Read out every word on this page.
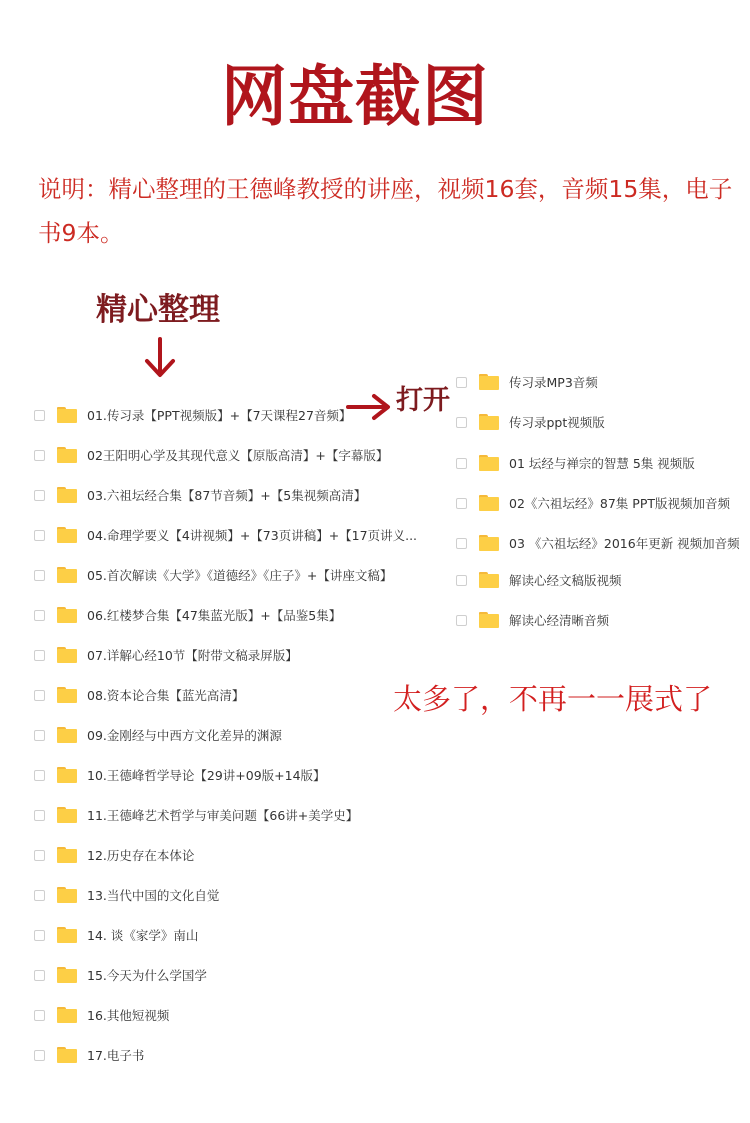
网盘截图
说明：精心整理的王德峰教授的讲座，视频16套，音频15集，电子书9本。
精心整理
打开
太多了，不再一一展式了
01.传习录【PPT视频版】+【7天课程27音频】
02王阳明心学及其现代意义【原版高清】+【字幕版】
03.六祖坛经合集【87节音频】+【5集视频高清】
04.命理学要义【4讲视频】+【73页讲稿】+【17页讲义...
05.首次解读《大学》《道德经》《庄子》+【讲座文稿】
06.红楼梦合集【47集蓝光版】+【品鉴5集】
07.详解心经10节【附带文稿录屏版】
08.资本论合集【蓝光高清】
09.金刚经与中西方文化差异的渊源
10.王德峰哲学导论【29讲+09版+14版】
11.王德峰艺术哲学与审美问题【66讲+美学史】
12.历史存在本体论
13.当代中国的文化自觉
14. 谈《家学》南山
15.今天为什么学国学
16.其他短视频
17.电子书
传习录MP3音频
传习录ppt视频版
01 坛经与禅宗的智慧 5集 视频版
02《六祖坛经》87集 PPT版视频加音频
03 《六祖坛经》2016年更新 视频加音频
解读心经文稿版视频
解读心经清晰音频
